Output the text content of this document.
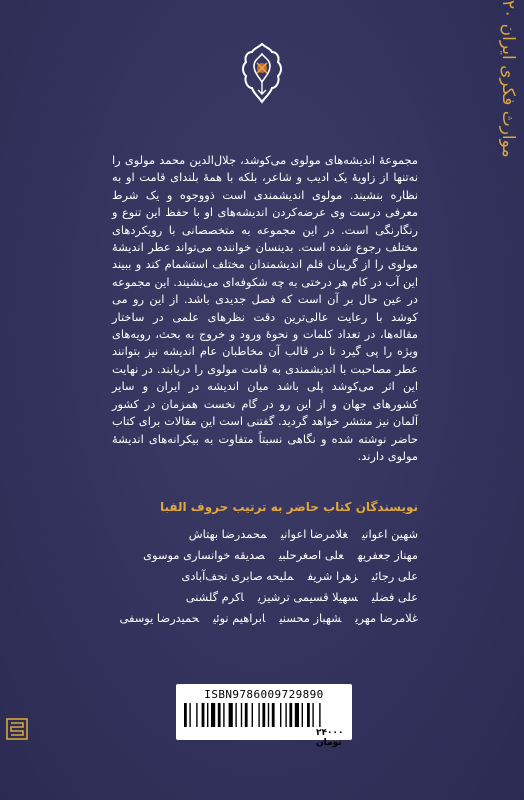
موارث فکری ایران ۲۰
مجموعهٔ اندیشه‌های مولوی می‌کوشد، جلال‌الدین محمد مولوی را نه‌تنها از زاویهٔ یک ادیب و شاعر، بلکه با همهٔ بلندای قامت او به نظاره بنشیند. مولوی اندیشمندی است ذووجوه و یک شرط معرفی درست وی عرضه‌کردن اندیشه‌های او با حفظ این تنوع و رنگارنگی است. در این مجموعه به متخصصانی با رویکردهای مختلف رجوع شده است. بدینسان خواننده می‌تواند عطر اندیشهٔ مولوی را از گریبان قلم اندیشمندان مختلف استشمام کند و ببیند این آب در کام هر درختی به چه شکوفه‌ای می‌نشیند. این مجموعه در عین حال بر آن است که فصل جدیدی باشد. از این رو می کوشد با رعایت عالی‌ترین دقت نظرهای علمی در ساختار مقاله‌ها، در تعداد کلمات و نحوهٔ ورود و خروج به بحث، رویه‌های ویژه را پی گیرد تا در قالب آن مخاطبان عام اندیشه نیز بتوانند عطر مصاحبت با اندیشمندی به قامت مولوی را دریابند. در نهایت این اثر می‌کوشد پلی باشد میان اندیشه در ایران و سایر کشورهای جهان و از این رو در گام نخست همزمان در کشور آلمان نیز منتشر خواهد گردید. گفتنی است این مقالات برای کتاب حاضر نوشته شده و نگاهی نسبتاً متفاوت به بیکرانه‌های اندیشهٔ مولوی دارند.
نویسندگان کتاب حاضر به ترتیب حروف الفبا
شهین اعوانیغلامرضا اعوانیمحمدرضا بهتاش
مهناز جعفریهعلی اصغرحلبیصدیقه خوانساری موسوی
علی رجائیزهرا شریفملیحه صابری نجف‌آبادی
علی فضلیسهیلا قسیمی ترشیزیاکرم گلشنی
غلامرضا مهریشهباز محسنیابراهیم نوئیحمیدرضا یوسفی
ISBN9786009729890
۲۴۰۰۰ تومان
